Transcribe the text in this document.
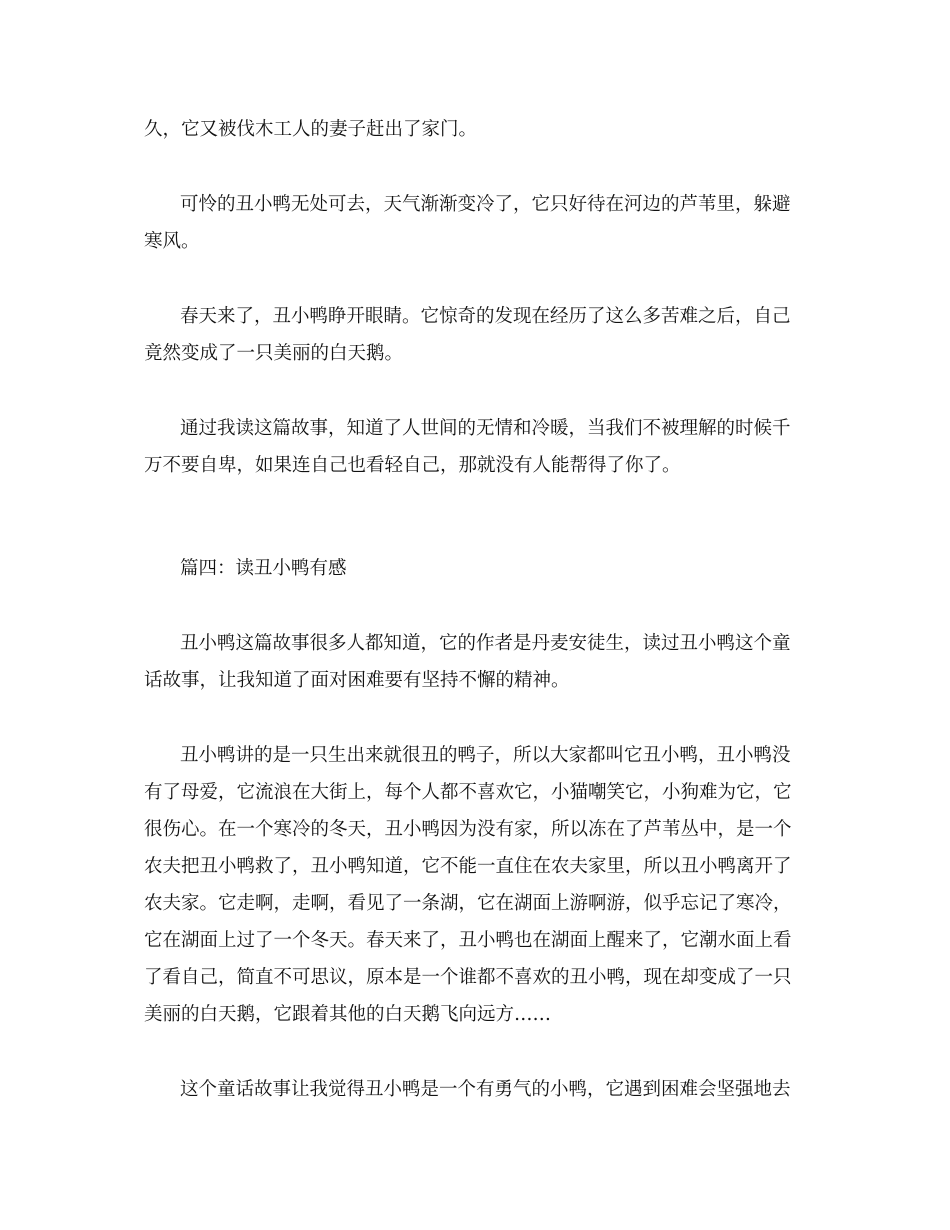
久，它又被伐木工人的妻子赶出了家门。
可怜的丑小鸭无处可去，天气渐渐变冷了，它只好待在河边的芦苇里，躲避
寒风。
春天来了，丑小鸭睁开眼睛。它惊奇的发现在经历了这么多苦难之后，自己
竟然变成了一只美丽的白天鹅。
通过我读这篇故事，知道了人世间的无情和冷暖，当我们不被理解的时候千
万不要自卑，如果连自己也看轻自己，那就没有人能帮得了你了。
篇四：读丑小鸭有感
丑小鸭这篇故事很多人都知道，它的作者是丹麦安徒生，读过丑小鸭这个童
话故事，让我知道了面对困难要有坚持不懈的精神。
丑小鸭讲的是一只生出来就很丑的鸭子，所以大家都叫它丑小鸭，丑小鸭没
有了母爱，它流浪在大街上，每个人都不喜欢它，小猫嘲笑它，小狗难为它，它
很伤心。在一个寒冷的冬天，丑小鸭因为没有家，所以冻在了芦苇丛中，是一个
农夫把丑小鸭救了，丑小鸭知道，它不能一直住在农夫家里，所以丑小鸭离开了
农夫家。它走啊，走啊，看见了一条湖，它在湖面上游啊游，似乎忘记了寒冷，
它在湖面上过了一个冬天。春天来了，丑小鸭也在湖面上醒来了，它潮水面上看
了看自己，简直不可思议，原本是一个谁都不喜欢的丑小鸭，现在却变成了一只
美丽的白天鹅，它跟着其他的白天鹅飞向远方……
这个童话故事让我觉得丑小鸭是一个有勇气的小鸭，它遇到困难会坚强地去
